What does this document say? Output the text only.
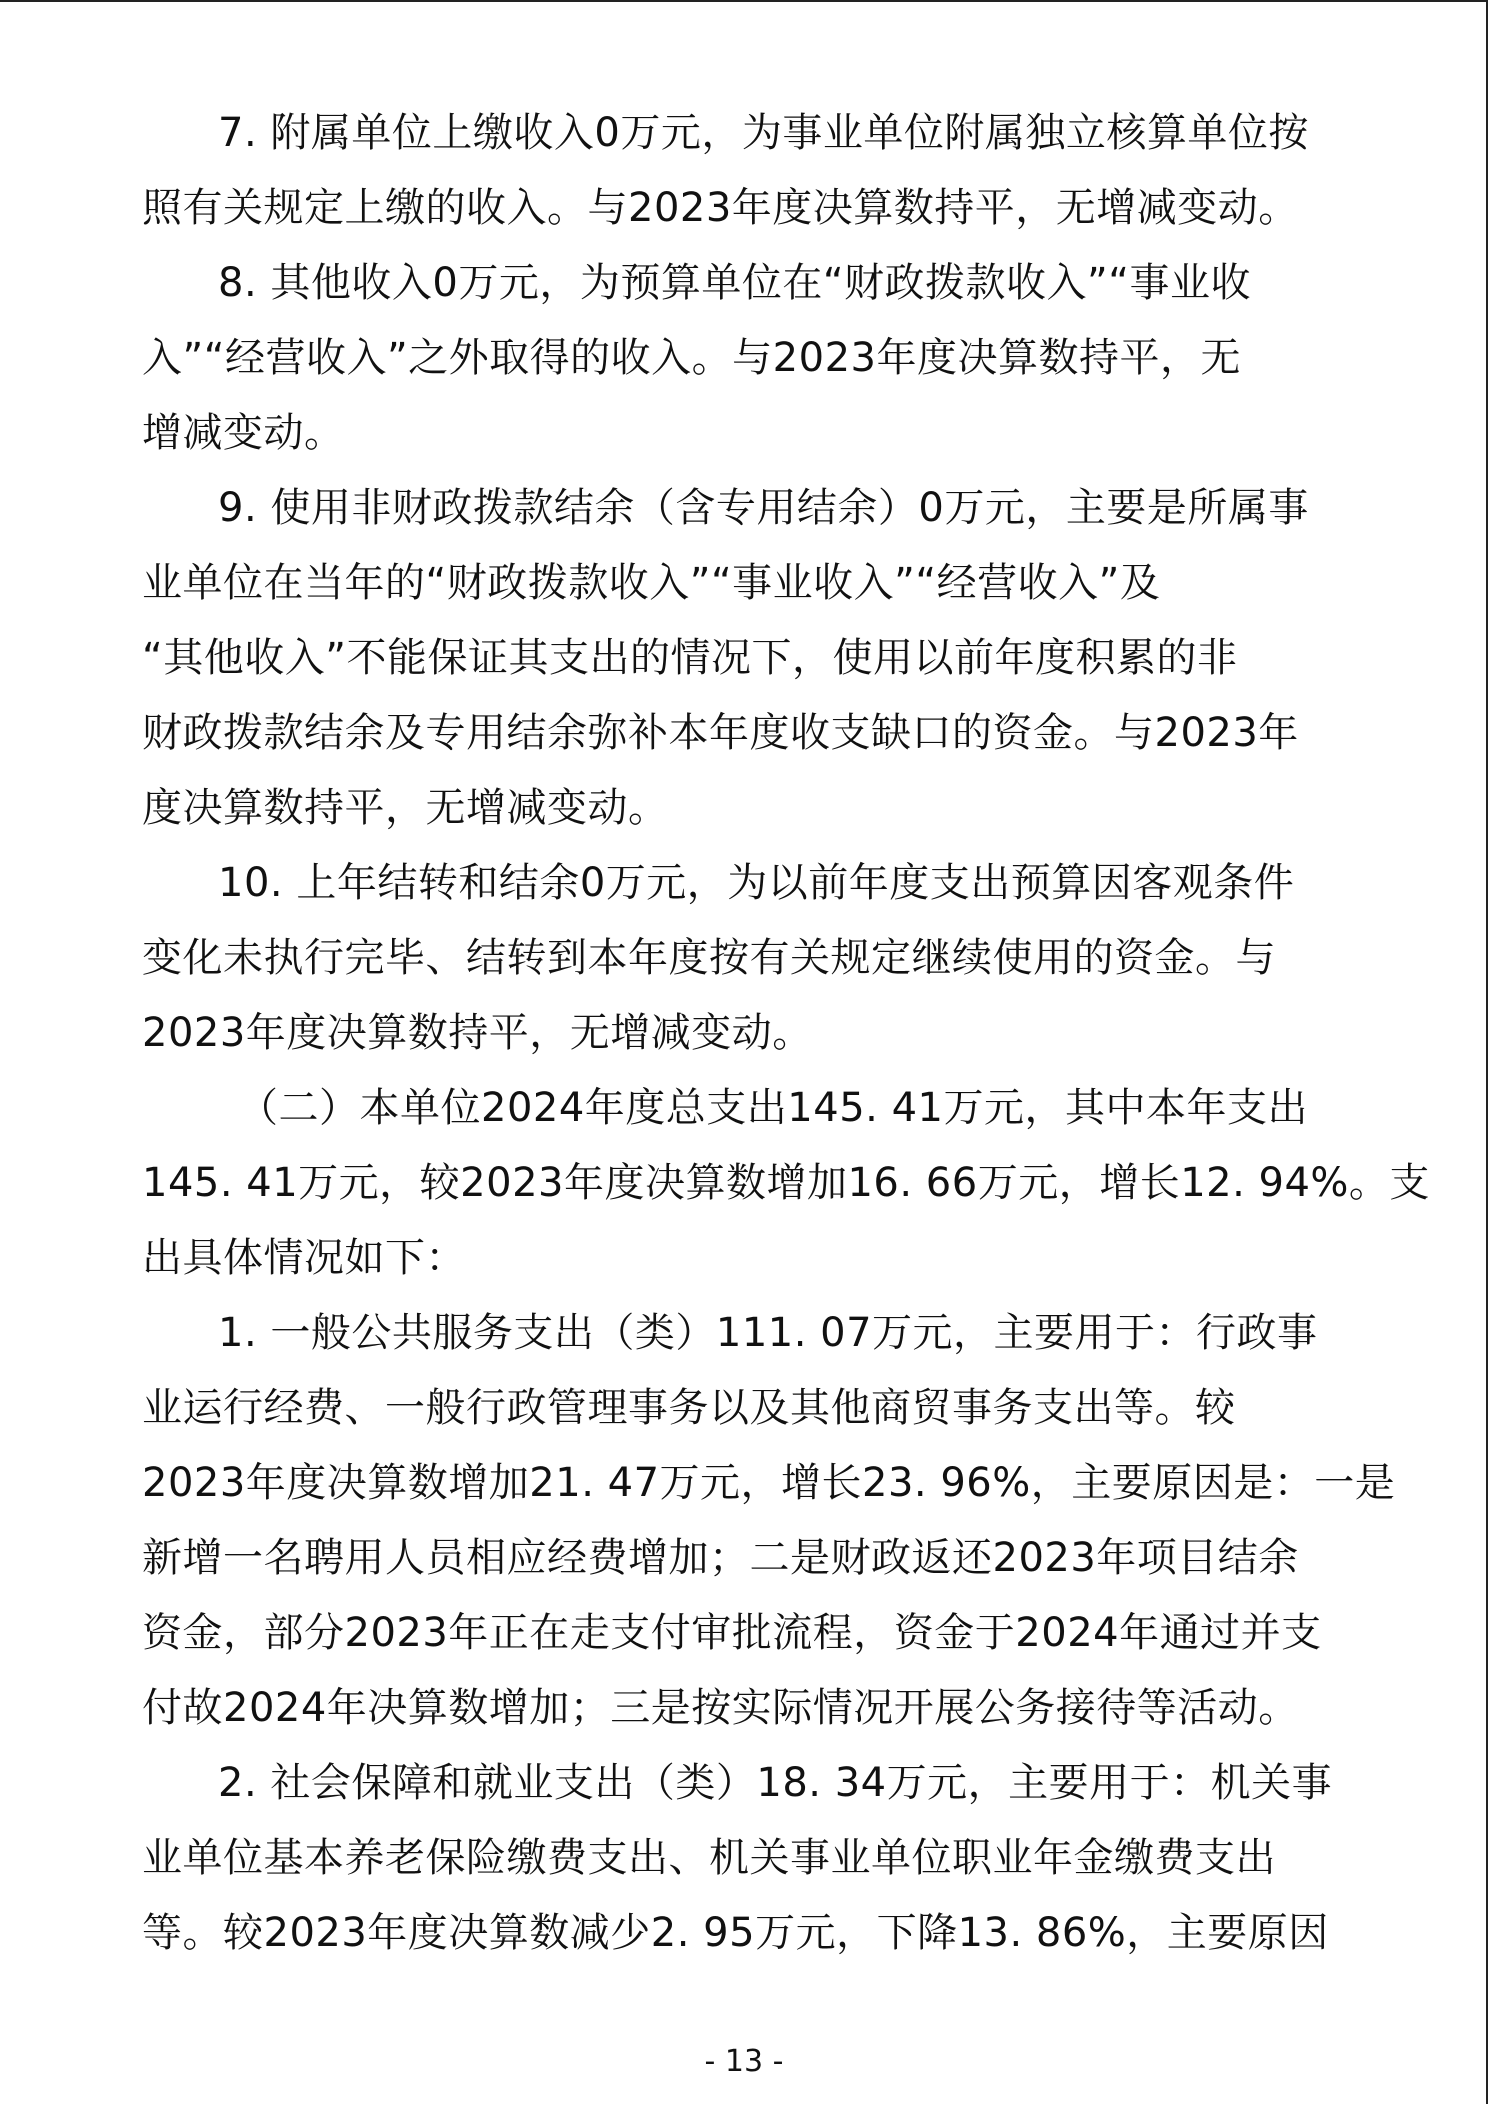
7. 附属单位上缴收入0万元，为事业单位附属独立核算单位按
照有关规定上缴的收入。与2023年度决算数持平，无增减变动。
8. 其他收入0万元，为预算单位在“财政拨款收入”“事业收
入”“经营收入”之外取得的收入。与2023年度决算数持平，无
增减变动。
9. 使用非财政拨款结余（含专用结余）0万元，主要是所属事
业单位在当年的“财政拨款收入”“事业收入”“经营收入”及
“其他收入”不能保证其支出的情况下，使用以前年度积累的非
财政拨款结余及专用结余弥补本年度收支缺口的资金。与2023年
度决算数持平，无增减变动。
10. 上年结转和结余0万元，为以前年度支出预算因客观条件
变化未执行完毕、结转到本年度按有关规定继续使用的资金。与
2023年度决算数持平，无增减变动。
（二）本单位2024年度总支出145. 41万元，其中本年支出
145. 41万元，较2023年度决算数增加16. 66万元，增长12. 94%。支
出具体情况如下：
1. 一般公共服务支出（类）111. 07万元，主要用于：行政事
业运行经费、一般行政管理事务以及其他商贸事务支出等。较
2023年度决算数增加21. 47万元，增长23. 96%，主要原因是：一是
新增一名聘用人员相应经费增加；二是财政返还2023年项目结余
资金，部分2023年正在走支付审批流程，资金于2024年通过并支
付故2024年决算数增加；三是按实际情况开展公务接待等活动。
2. 社会保障和就业支出（类）18. 34万元，主要用于：机关事
业单位基本养老保险缴费支出、机关事业单位职业年金缴费支出
等。较2023年度决算数减少2. 95万元，下降13. 86%，主要原因
- 13 -
